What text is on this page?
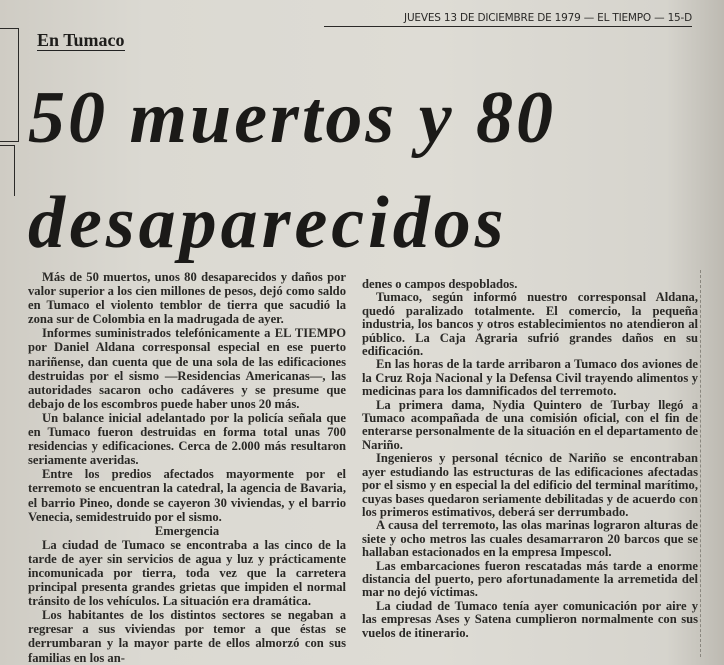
JUEVES 13 DE DICIEMBRE DE 1979 — EL TIEMPO — 15-D
En Tumaco
50 muertos y 80
desaparecidos

Más de 50 muertos, unos 80 desaparecidos y daños por valor superior a los cien millones de pesos, dejó como saldo en Tumaco el violento temblor de tierra que sacudió la zona sur de Colombia en la madrugada de ayer.

Informes suministrados telefónicamente a EL TIEMPO por Daniel Aldana corresponsal especial en ese puerto nariñense, dan cuenta que de una sola de las edificaciones destruidas por el sismo —Residencias Americanas—, las autoridades sacaron ocho cadáveres y se presume que debajo de los escombros puede haber unos 20 más.

Un balance inicial adelantado por la policía señala que en Tumaco fueron destruidas en forma total unas 700 residencias y edificaciones. Cerca de 2.000 más resultaron seriamente averidas.

Entre los predios afectados mayormente por el terremoto se encuentran la catedral, la agencia de Bavaria, el barrio Pineo, donde se cayeron 30 viviendas, y el barrio Venecia, semidestruido por el sismo.

Emergencia

La ciudad de Tumaco se encontraba a las cinco de la tarde de ayer sin servicios de agua y luz y prácticamente incomunicada por tierra, toda vez que la carretera principal presenta grandes grietas que impiden el normal tránsito de los vehículos. La situación era dramática.

Los habitantes de los distintos sectores se negaban a regresar a sus viviendas por temor a que éstas se derrumbaran y la mayor parte de ellos almorzó con sus familias en los an-

denes o campos despoblados.

Tumaco, según informó nuestro corresponsal Aldana, quedó paralizado totalmente. El comercio, la pequeña industria, los bancos y otros establecimientos no atendieron al público. La Caja Agraria sufrió grandes daños en su edificación.

En las horas de la tarde arribaron a Tumaco dos aviones de la Cruz Roja Nacional y la Defensa Civil trayendo alimentos y medicinas para los damnificados del terremoto.

La primera dama, Nydia Quintero de Turbay llegó a Tumaco acompañada de una comisión oficial, con el fin de enterarse personalmente de la situación en el departamento de Nariño.

Ingenieros y personal técnico de Nariño se encontraban ayer estudiando las estructuras de las edificaciones afectadas por el sismo y en especial la del edificio del terminal marítimo, cuyas bases quedaron seriamente debilitadas y de acuerdo con los primeros estimativos, deberá ser derrumbado.

A causa del terremoto, las olas marinas lograron alturas de siete y ocho metros las cuales desamarraron 20 barcos que se hallaban estacionados en la empresa Impescol.

Las embarcaciones fueron rescatadas más tarde a enorme distancia del puerto, pero afortunadamente la arremetida del mar no dejó víctimas.

La ciudad de Tumaco tenía ayer comunicación por aire y las empresas Ases y Satena cumplieron normalmente con sus vuelos de itinerario.
